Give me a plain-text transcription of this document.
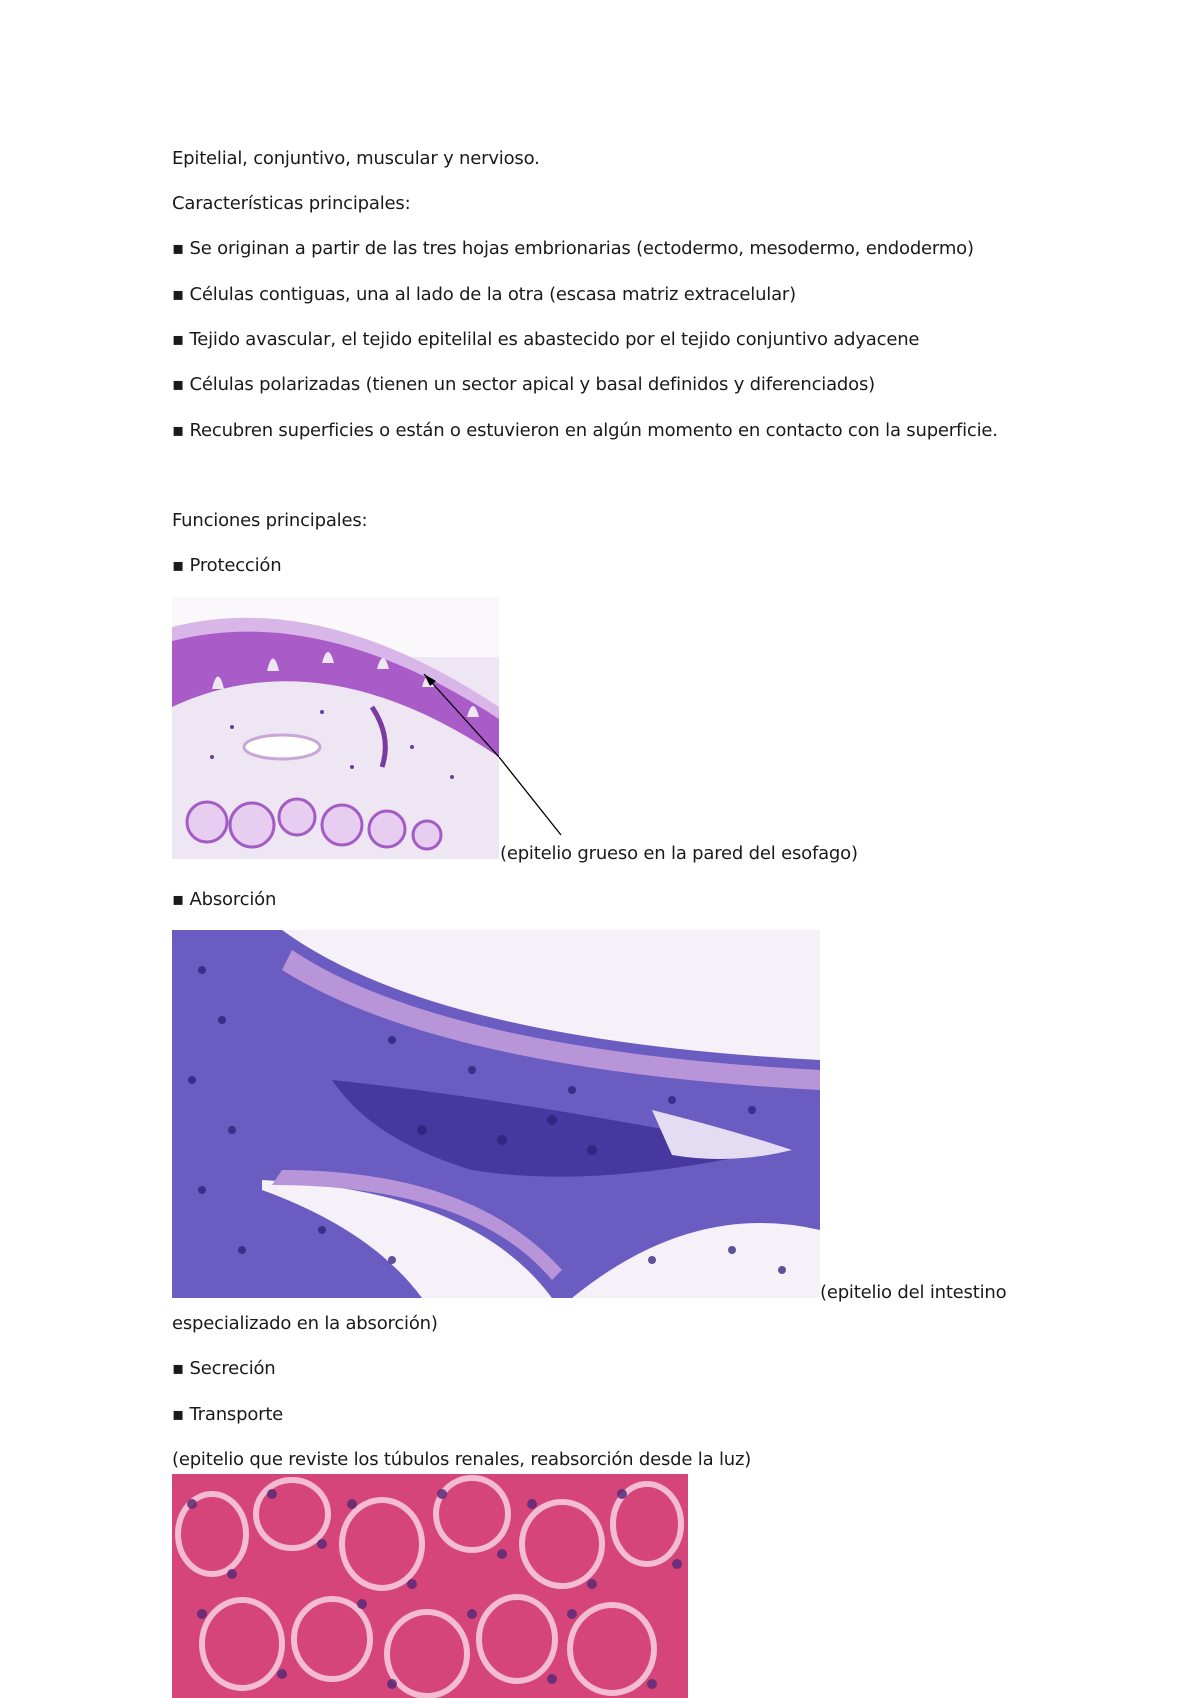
Epitelial, conjuntivo, muscular y nervioso.
Características principales:
▪ Se originan a partir de las tres hojas embrionarias (ectodermo, mesodermo, endodermo)
▪ Células contiguas, una al lado de la otra (escasa matriz extracelular)
▪ Tejido avascular, el tejido epitelilal es abastecido por el tejido conjuntivo adyacene
▪ Células polarizadas (tienen un sector apical y basal definidos y diferenciados)
▪ Recubren superficies o están o estuvieron en algún momento en contacto con la superficie.
Funciones principales:
▪ Protección
(epitelio grueso en la pared del esofago)
▪ Absorción
(epitelio del intestino
especializado en la absorción)
▪ Secreción
▪ Transporte
(epitelio que reviste los túbulos renales, reabsorción desde la luz)
